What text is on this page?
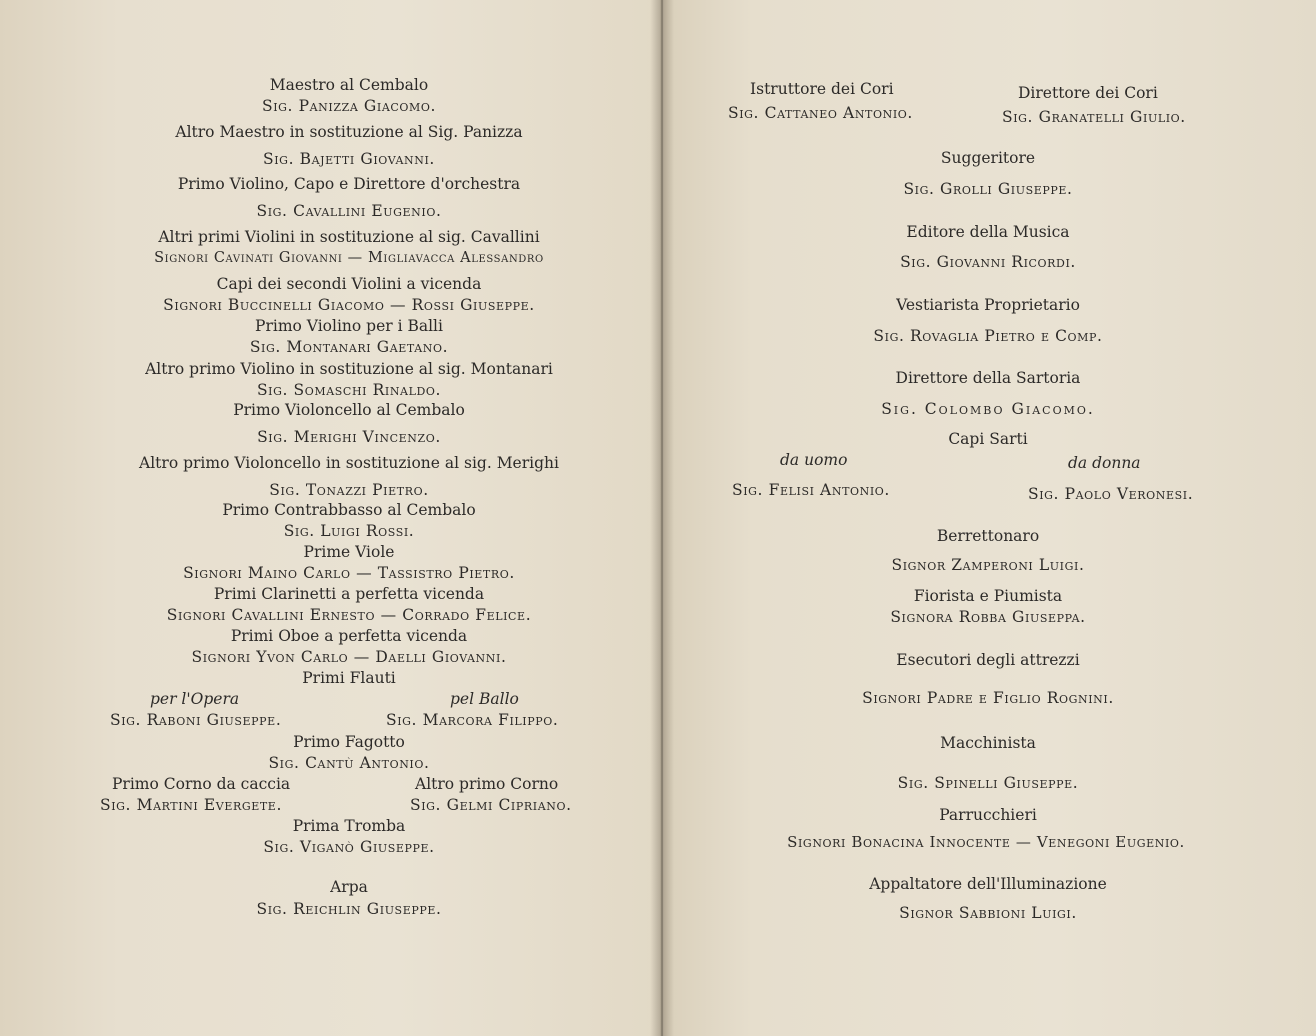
Maestro al Cembalo
Sig. Panizza Giacomo.
Altro Maestro in sostituzione al Sig. Panizza
Sig. Bajetti Giovanni.
Primo Violino, Capo e Direttore d'orchestra
Sig. Cavallini Eugenio.
Altri primi Violini in sostituzione al sig. Cavallini
Signori Cavinati Giovanni — Migliavacca Alessandro
Capi dei secondi Violini a vicenda
Signori Buccinelli Giacomo — Rossi Giuseppe.
Primo Violino per i Balli
Sig. Montanari Gaetano.
Altro primo Violino in sostituzione al sig. Montanari
Sig. Somaschi Rinaldo.
Primo Violoncello al Cembalo
Sig. Merighi Vincenzo.
Altro primo Violoncello in sostituzione al sig. Merighi
Sig. Tonazzi Pietro.
Primo Contrabbasso al Cembalo
Sig. Luigi Rossi.
Prime Viole
Signori Maino Carlo — Tassistro Pietro.
Primi Clarinetti a perfetta vicenda
Signori Cavallini Ernesto — Corrado Felice.
Primi Oboe a perfetta vicenda
Signori Yvon Carlo — Daelli Giovanni.
Primi Flauti
per l'Opera	pel Ballo
Sig. Raboni Giuseppe.	Sig. Marcora Filippo.
Primo Fagotto
Sig. Cantù Antonio.
Primo Corno da caccia	Altro primo Corno
Sig. Martini Evergete.	Sig. Gelmi Cipriano.
Prima Tromba
Sig. Viganò Giuseppe.
Arpa
Sig. Reichlin Giuseppe.
Istruttore dei Cori	Direttore dei Cori
Sig. Cattaneo Antonio.	Sig. Granatelli Giulio.
Suggeritore
Sig. Grolli Giuseppe.
Editore della Musica
Sig. Giovanni Ricordi.
Vestiarista Proprietario
Sig. Rovaglia Pietro e Comp.
Direttore della Sartoria
Sig. Colombo Giacomo.
Capi Sarti
da uomo	da donna
Sig. Felisi Antonio.	Sig. Paolo Veronesi.
Berrettonaro
Signor Zamperoni Luigi.
Fiorista e Piumista
Signora Robba Giuseppa.
Esecutori degli attrezzi
Signori Padre e Figlio Rognini.
Macchinista
Sig. Spinelli Giuseppe.
Parrucchieri
Signori Bonacina Innocente — Venegoni Eugenio.
Appaltatore dell'Illuminazione
Signor Sabbioni Luigi.
